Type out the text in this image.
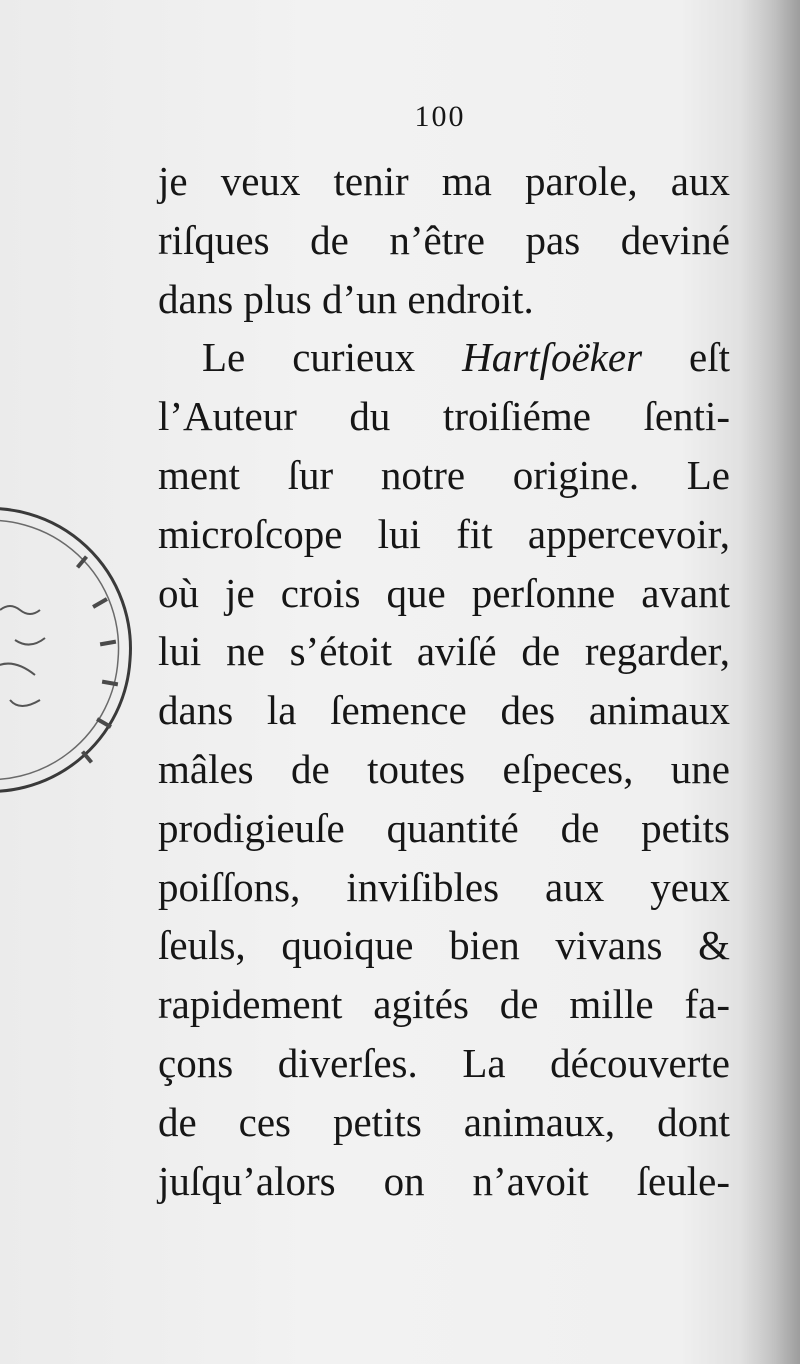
100
je veux tenir ma parole, aux
riſques de n’être pas deviné
dans plus d’un endroit.
Le curieux Hartſoëker eſt
l’Auteur du troiſiéme ſenti-
ment ſur notre origine. Le
microſcope lui fit appercevoir,
où je crois que perſonne avant
lui ne s’étoit aviſé de regarder,
dans la ſemence des animaux
mâles de toutes eſpeces, une
prodigieuſe quantité de petits
poiſſons, inviſibles aux yeux
ſeuls, quoique bien vivans &
rapidement agités de mille fa-
çons diverſes. La découverte
de ces petits animaux, dont
juſqu’alors on n’avoit ſeule-
